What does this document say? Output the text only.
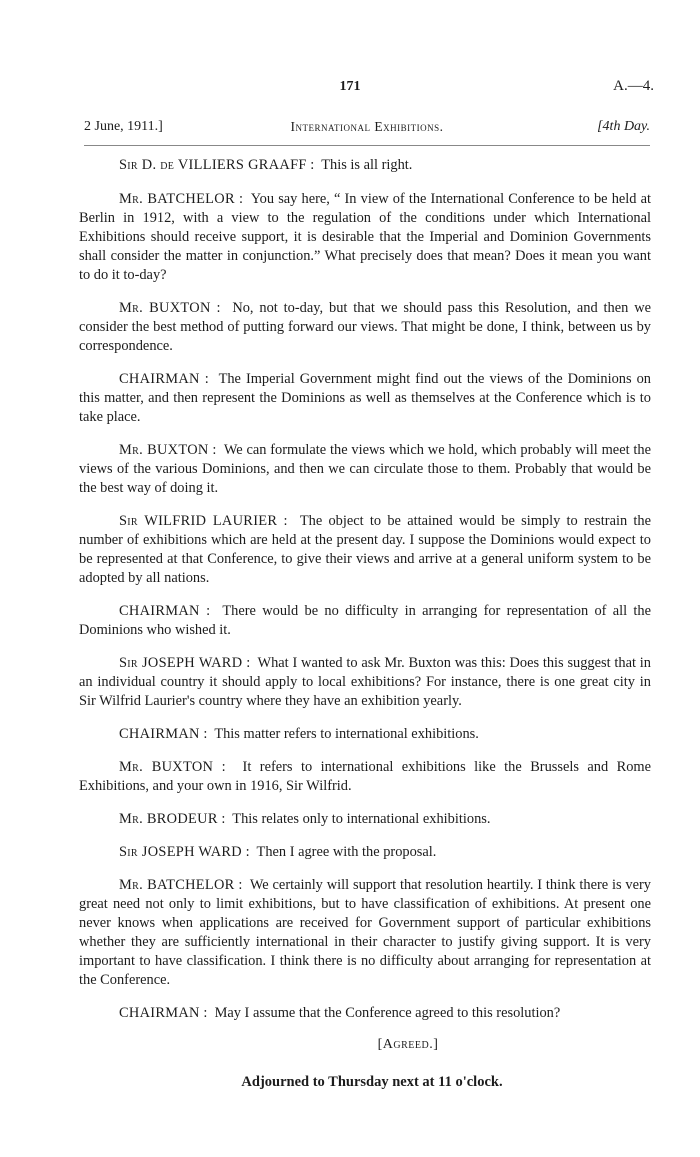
171	A.—4.
2 June, 1911.]	International Exhibitions.	[4th Day.

Sir D. de VILLIERS GRAAFF : This is all right.

Mr. BATCHELOR : You say here, “ In view of the International Conference to be held at Berlin in 1912, with a view to the regulation of the conditions under which International Exhibitions should receive support, it is desirable that the Imperial and Dominion Governments shall consider the matter in conjunction.” What precisely does that mean? Does it mean you want to do it to-day?

Mr. BUXTON : No, not to-day, but that we should pass this Resolution, and then we consider the best method of putting forward our views. That might be done, I think, between us by correspondence.

CHAIRMAN : The Imperial Government might find out the views of the Dominions on this matter, and then represent the Dominions as well as themselves at the Conference which is to take place.

Mr. BUXTON : We can formulate the views which we hold, which probably will meet the views of the various Dominions, and then we can circulate those to them. Probably that would be the best way of doing it.

Sir WILFRID LAURIER : The object to be attained would be simply to restrain the number of exhibitions which are held at the present day. I suppose the Dominions would expect to be represented at that Conference, to give their views and arrive at a general uniform system to be adopted by all nations.

CHAIRMAN : There would be no difficulty in arranging for representation of all the Dominions who wished it.

Sir JOSEPH WARD : What I wanted to ask Mr. Buxton was this: Does this suggest that in an individual country it should apply to local exhibitions? For instance, there is one great city in Sir Wilfrid Laurier's country where they have an exhibition yearly.

CHAIRMAN : This matter refers to international exhibitions.

Mr. BUXTON : It refers to international exhibitions like the Brussels and Rome Exhibitions, and your own in 1916, Sir Wilfrid.

Mr. BRODEUR : This relates only to international exhibitions.

Sir JOSEPH WARD : Then I agree with the proposal.

Mr. BATCHELOR : We certainly will support that resolution heartily. I think there is very great need not only to limit exhibitions, but to have classification of exhibitions. At present one never knows when applications are received for Government support of particular exhibitions whether they are sufficiently international in their character to justify giving support. It is very important to have classification. I think there is no difficulty about arranging for representation at the Conference.

CHAIRMAN : May I assume that the Conference agreed to this resolution?

[Agreed.]
Adjourned to Thursday next at 11 o'clock.
